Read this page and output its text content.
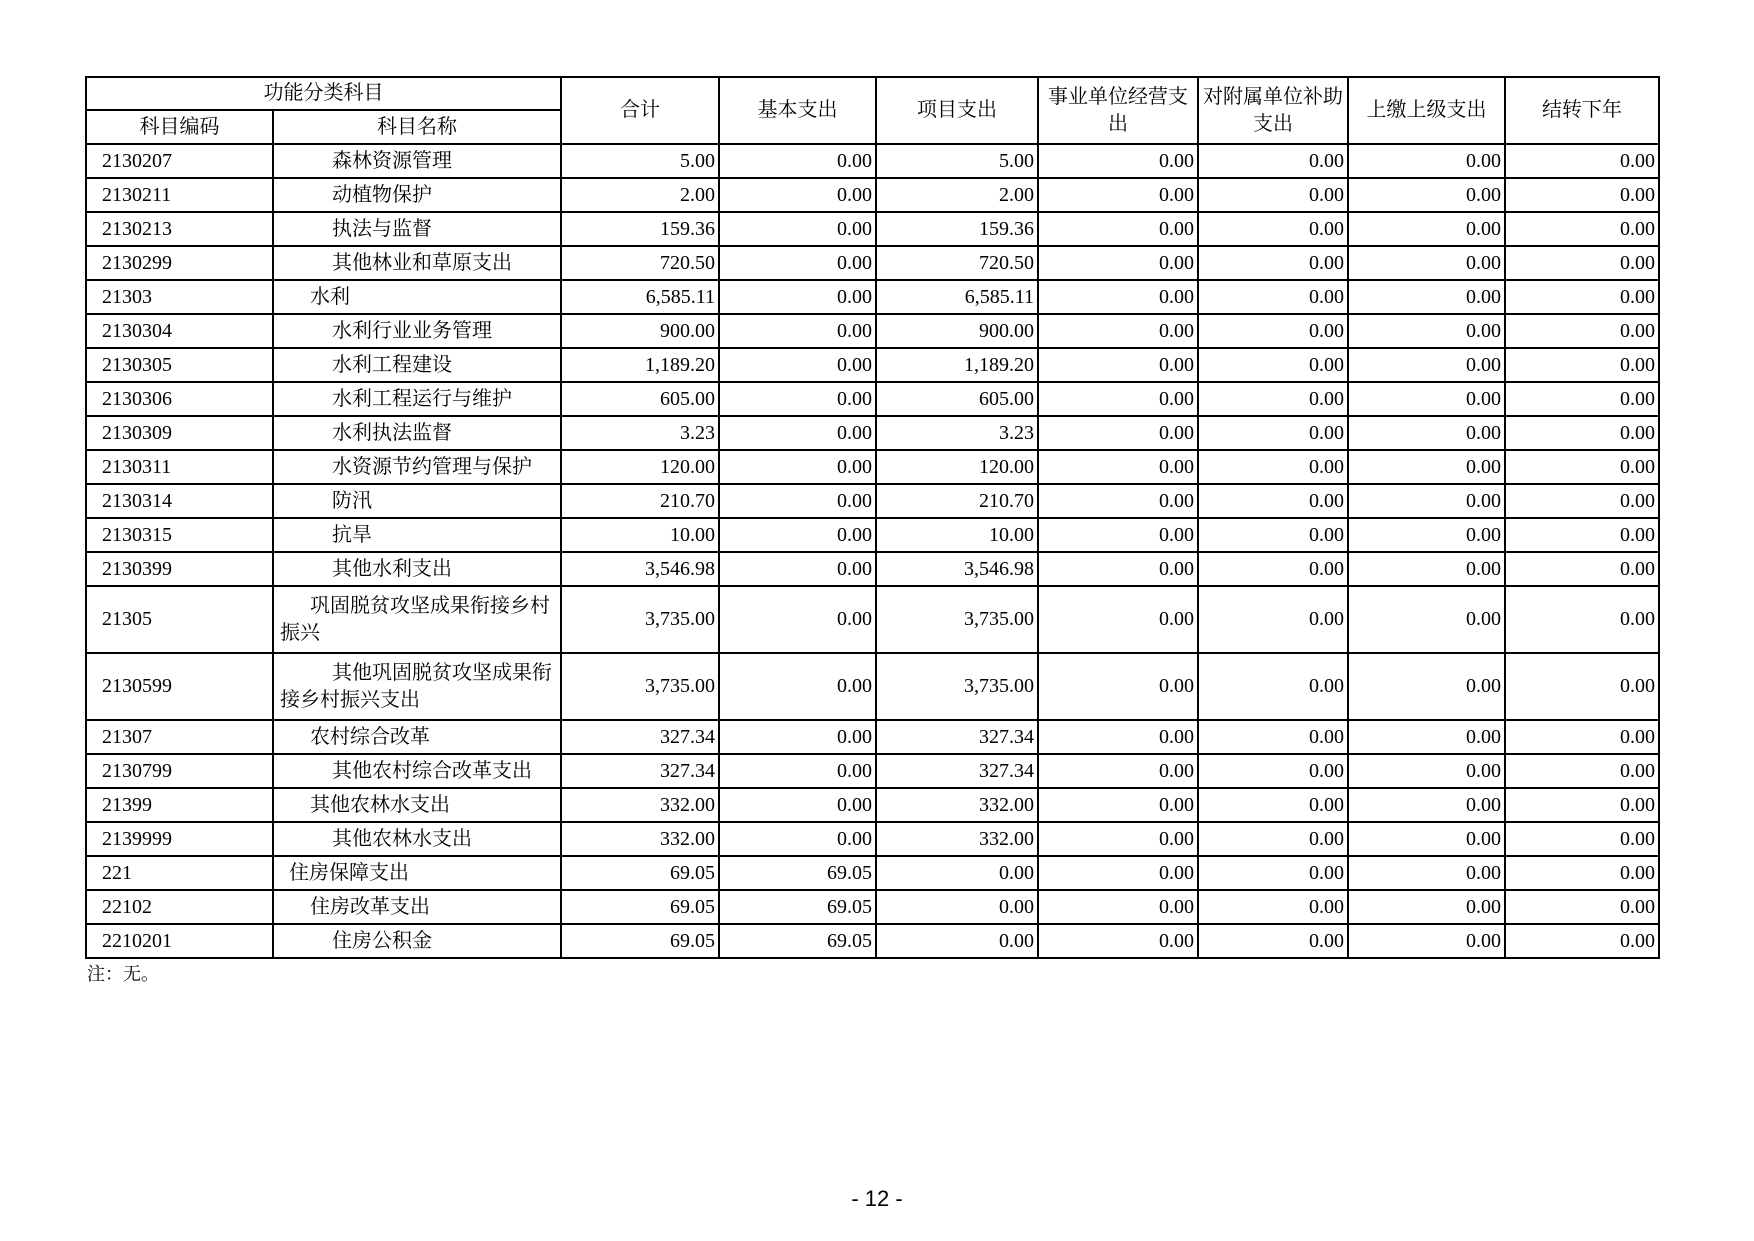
功能分类科目		合计	基本支出	项目支出	事业单位经营支出	对附属单位补助支出	上缴上级支出	结转下年
科目编码	科目名称							
2130207	森林资源管理	5.00	0.00	5.00	0.00	0.00	0.00	0.00
2130211	动植物保护	2.00	0.00	2.00	0.00	0.00	0.00	0.00
2130213	执法与监督	159.36	0.00	159.36	0.00	0.00	0.00	0.00
2130299	其他林业和草原支出	720.50	0.00	720.50	0.00	0.00	0.00	0.00
21303	水利	6,585.11	0.00	6,585.11	0.00	0.00	0.00	0.00
2130304	水利行业业务管理	900.00	0.00	900.00	0.00	0.00	0.00	0.00
2130305	水利工程建设	1,189.20	0.00	1,189.20	0.00	0.00	0.00	0.00
2130306	水利工程运行与维护	605.00	0.00	605.00	0.00	0.00	0.00	0.00
2130309	水利执法监督	3.23	0.00	3.23	0.00	0.00	0.00	0.00
2130311	水资源节约管理与保护	120.00	0.00	120.00	0.00	0.00	0.00	0.00
2130314	防汛	210.70	0.00	210.70	0.00	0.00	0.00	0.00
2130315	抗旱	10.00	0.00	10.00	0.00	0.00	0.00	0.00
2130399	其他水利支出	3,546.98	0.00	3,546.98	0.00	0.00	0.00	0.00
21305	巩固脱贫攻坚成果衔接乡村振兴	3,735.00	0.00	3,735.00	0.00	0.00	0.00	0.00
2130599	其他巩固脱贫攻坚成果衔接乡村振兴支出	3,735.00	0.00	3,735.00	0.00	0.00	0.00	0.00
21307	农村综合改革	327.34	0.00	327.34	0.00	0.00	0.00	0.00
2130799	其他农村综合改革支出	327.34	0.00	327.34	0.00	0.00	0.00	0.00
21399	其他农林水支出	332.00	0.00	332.00	0.00	0.00	0.00	0.00
2139999	其他农林水支出	332.00	0.00	332.00	0.00	0.00	0.00	0.00
221	住房保障支出	69.05	69.05	0.00	0.00	0.00	0.00	0.00
22102	住房改革支出	69.05	69.05	0.00	0.00	0.00	0.00	0.00
2210201	住房公积金	69.05	69.05	0.00	0.00	0.00	0.00	0.00
注：无。
- 12 -
